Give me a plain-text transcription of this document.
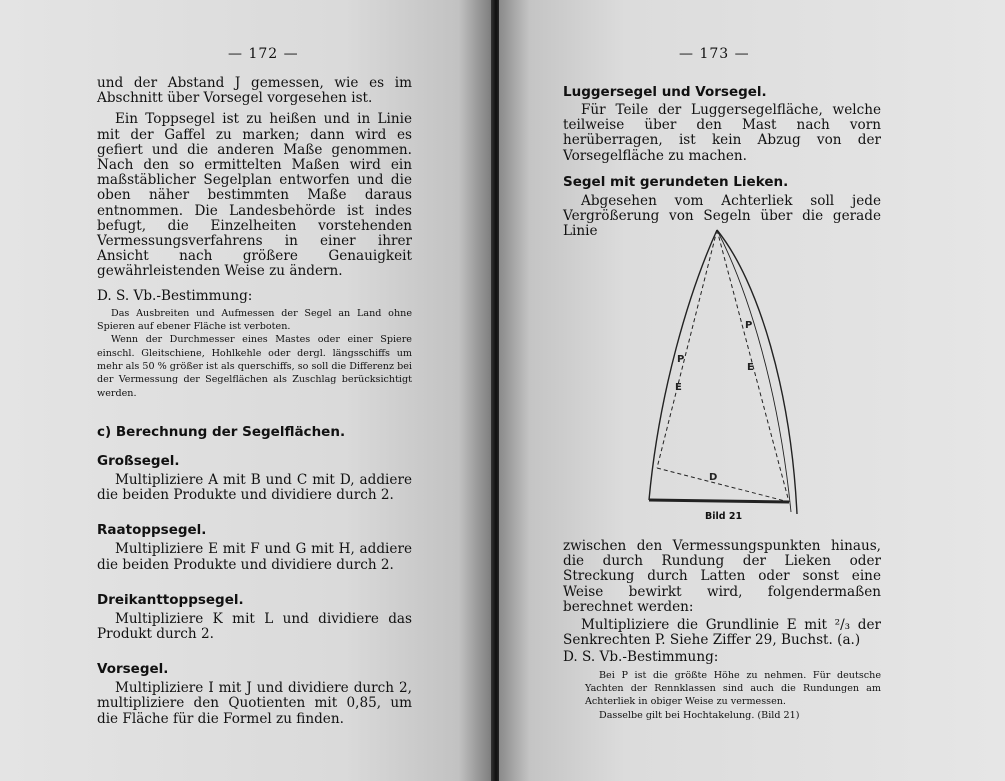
— 172 —

und der Abstand J gemessen, wie es im Abschnitt über Vorsegel vorgesehen ist.

Ein Toppsegel ist zu heißen und in Linie mit der Gaffel zu marken; dann wird es gefiert und die anderen Maße genommen. Nach den so ermittelten Maßen wird ein maßstäblicher Segelplan entworfen und die oben näher bestimmten Maße daraus entnommen. Die Landesbehörde ist indes befugt, die Einzelheiten vorstehenden Vermessungsverfahrens in einer ihrer Ansicht nach größere Genauigkeit gewährleistenden Weise zu ändern.

D. S. Vb.-Bestimmung:

Das Ausbreiten und Aufmessen der Segel an Land ohne Spieren auf ebener Fläche ist verboten.

Wenn der Durchmesser eines Mastes oder einer Spiere einschl. Gleitschiene, Hohlkehle oder dergl. längsschiffs um mehr als 50 % größer ist als querschiffs, so soll die Differenz bei der Vermessung der Segelflächen als Zuschlag berücksichtigt werden.

c) Berechnung der Segelflächen.

Großsegel.

Multipliziere A mit B und C mit D, addiere die beiden Produkte und dividiere durch 2.

Raatoppsegel.

Multipliziere E mit F und G mit H, addiere die beiden Produkte und dividiere durch 2.

Dreikanttoppsegel.

Multipliziere K mit L und dividiere das Produkt durch 2.

Vorsegel.

Multipliziere I mit J und dividiere durch 2, multipliziere den Quotienten mit 0,85, um die Fläche für die Formel zu finden.

— 173 —

Luggersegel und Vorsegel.

Für Teile der Luggersegelfläche, welche teilweise über den Mast nach vorn herüberragen, ist kein Abzug von der Vorsegelfläche zu machen.

Segel mit gerundeten Lieken.

Abgesehen vom Achterliek soll jede Vergrößerung von Segeln über die gerade Linie

P
P
E
E
D
Bild 21

zwischen den Vermessungspunkten hinaus, die durch Rundung der Lieken oder Streckung durch Latten oder sonst eine Weise bewirkt wird, folgendermaßen berechnet werden:

Multipliziere die Grundlinie E mit ²/₃ der Senkrechten P. Siehe Ziffer 29, Buchst. (a.)

D. S. Vb.-Bestimmung:

Bei P ist die größte Höhe zu nehmen. Für deutsche Yachten der Rennklassen sind auch die Rundungen am Achterliek in obiger Weise zu vermessen.

Dasselbe gilt bei Hochtakelung. (Bild 21)
